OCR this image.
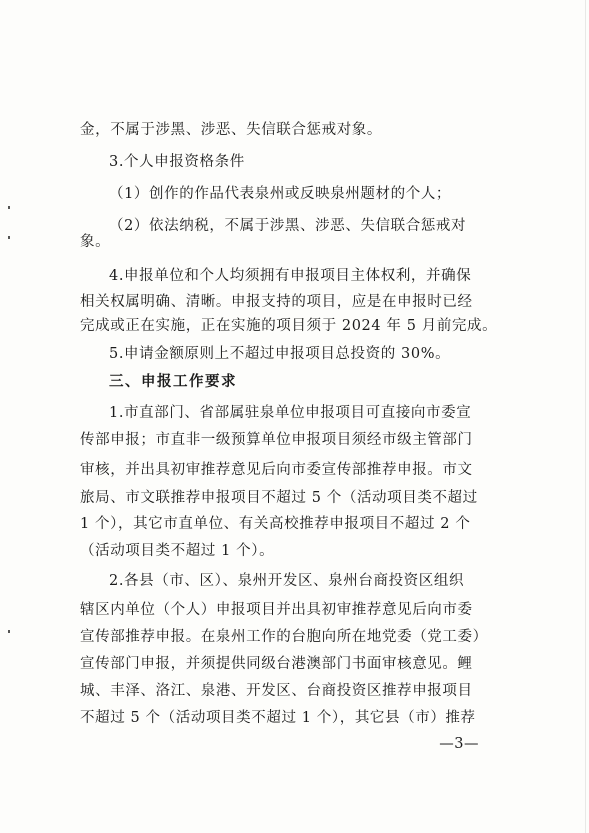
金，不属于涉黑、涉恶、失信联合惩戒对象。
3.个人申报资格条件
（1）创作的作品代表泉州或反映泉州题材的个人；
（2）依法纳税，不属于涉黑、涉恶、失信联合惩戒对
象。
4.申报单位和个人均须拥有申报项目主体权利，并确保
相关权属明确、清晰。申报支持的项目，应是在申报时已经
完成或正在实施，正在实施的项目须于 2024 年 5 月前完成。
5.申请金额原则上不超过申报项目总投资的 30%。
三、申报工作要求
1.市直部门、省部属驻泉单位申报项目可直接向市委宣
传部申报；市直非一级预算单位申报项目须经市级主管部门
审核，并出具初审推荐意见后向市委宣传部推荐申报。市文
旅局、市文联推荐申报项目不超过 5 个（活动项目类不超过
1 个），其它市直单位、有关高校推荐申报项目不超过 2 个
（活动项目类不超过 1 个）。
2.各县（市、区）、泉州开发区、泉州台商投资区组织
辖区内单位（个人）申报项目并出具初审推荐意见后向市委
宣传部推荐申报。在泉州工作的台胞向所在地党委（党工委）
宣传部门申报，并须提供同级台港澳部门书面审核意见。鲤
城、丰泽、洛江、泉港、开发区、台商投资区推荐申报项目
不超过 5 个（活动项目类不超过 1 个），其它县（市）推荐
—3—
